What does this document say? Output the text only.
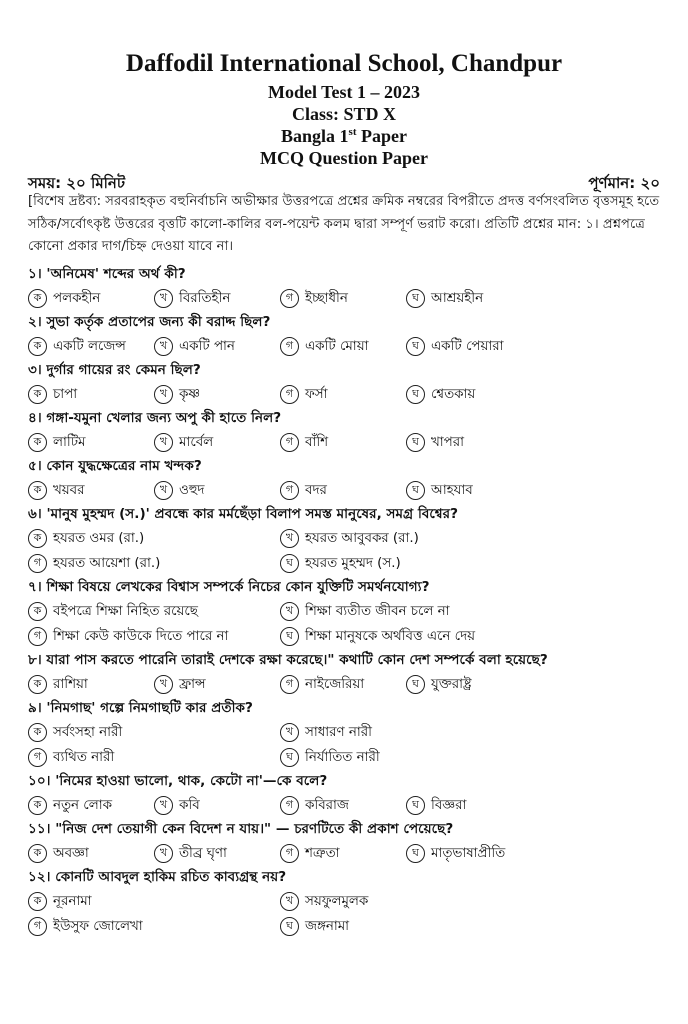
Daffodil International School, Chandpur
Model Test 1 – 2023
Class: STD X
Bangla 1st Paper
MCQ Question Paper
সময়: ২০ মিনিট	পূর্ণমান: ২০
[বিশেষ দ্রষ্টব্য: সরবরাহকৃত বহুনির্বাচনি অভীক্ষার উত্তরপত্রে প্রশ্নের ক্রমিক নম্বরের বিপরীতে প্রদত্ত বর্ণসংবলিত বৃত্তসমূহ হতে সঠিক/সর্বোৎকৃষ্ট উত্তরের বৃত্তটি কালো-কালির বল-পয়েন্ট কলম দ্বারা সম্পূর্ণ ভরাট করো। প্রতিটি প্রশ্নের মান: ১। প্রশ্নপত্রে কোনো প্রকার দাগ/চিহ্ন দেওয়া যাবে না।
১। 'অনিমেষ' শব্দের অর্থ কী?
ক পলকহীন	খ বিরতিহীন	গ ইচ্ছাধীন	ঘ আশ্রয়হীন
২। সুভা কর্তৃক প্রতাপের জন্য কী বরাদ্দ ছিল?
ক একটি লজেন্স	খ একটি পান	গ একটি মোয়া	ঘ একটি পেয়ারা
৩। দুর্গার গায়ের রং কেমন ছিল?
ক চাপা	খ কৃষ্ণ	গ ফর্সা	ঘ শ্বেতকায়
৪। গঙ্গা-যমুনা খেলার জন্য অপু কী হাতে নিল?
ক লাটিম	খ মার্বেল	গ বাঁশি	ঘ খাপরা
৫। কোন যুদ্ধক্ষেত্রের নাম খন্দক?
ক খয়বর	খ ওহুদ	গ বদর	ঘ আহযাব
৬। 'মানুষ মুহম্মদ (স.)' প্রবন্ধে কার মর্মছেঁড়া বিলাপ সমস্ত মানুষের, সমগ্র বিশ্বের?
ক হযরত ওমর (রা.)	খ হযরত আবুবকর (রা.)
গ হযরত আয়েশা (রা.)	ঘ হযরত মুহম্মদ (স.)
৭। শিক্ষা বিষয়ে লেখকের বিশ্বাস সম্পর্কে নিচের কোন যুক্তিটি সমর্থনযোগ্য?
ক বইপত্রে শিক্ষা নিহিত রয়েছে	খ শিক্ষা ব্যতীত জীবন চলে না
গ শিক্ষা কেউ কাউকে দিতে পারে না	ঘ শিক্ষা মানুষকে অর্থবিত্ত এনে দেয়
৮। যারা পাস করতে পারেনি তারাই দেশকে রক্ষা করেছে।" কথাটি কোন দেশ সম্পর্কে বলা হয়েছে?
ক রাশিয়া	খ ফ্রান্স	গ নাইজেরিয়া	ঘ যুক্তরাষ্ট্র
৯। 'নিমগাছ' গল্পে নিমগাছটি কার প্রতীক?
ক সর্বংসহা নারী	খ সাধারণ নারী
গ ব্যথিত নারী	ঘ নির্যাতিত নারী
১০। 'নিমের হাওয়া ভালো, থাক, কেটো না'—কে বলে?
ক নতুন লোক	খ কবি	গ কবিরাজ	ঘ বিজ্ঞরা
১১। "নিজ দেশ তেয়াগী কেন বিদেশ ন যায়।" — চরণটিতে কী প্রকাশ পেয়েছে?
ক অবজ্ঞা	খ তীব্র ঘৃণা	গ শত্রুতা	ঘ মাতৃভাষাপ্রীতি
১২। কোনটি আবদুল হাকিম রচিত কাব্যগ্রন্থ নয়?
ক নূরনামা	খ সয়ফুলমুলক
গ ইউসুফ জোলেখা	ঘ জঙ্গনামা
